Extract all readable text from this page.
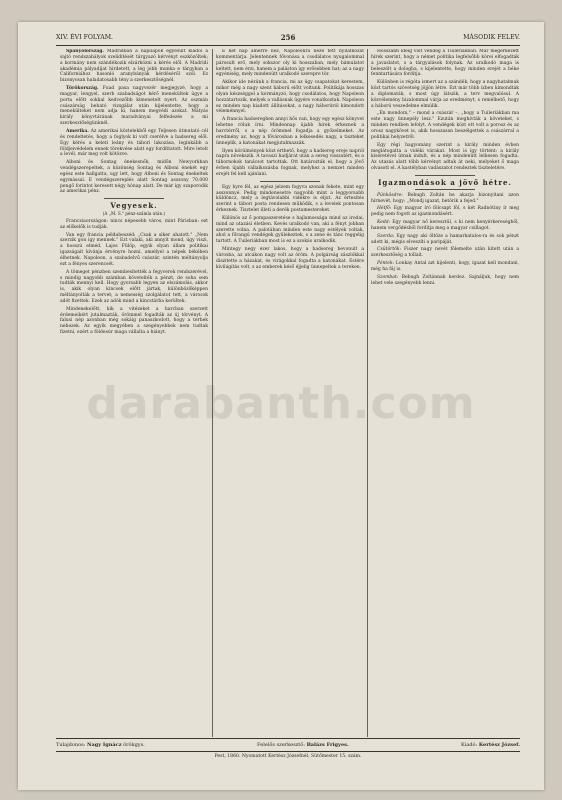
XIV. ÉVI FOLYAM.	256	MÁSODIK FELEV.

Spanyolország. Madridban a napilapok egyesült kiadói a sajtó rendszabályok szelídítését tárgyazó kérvényt eszközöltek; a kormány nem szándékozik elzárkózni a kérés elől. A Madridi akadémia pályadíjat hirdetett, a leg jobb munka e tárgyban a Californiához hasonló aranybányák kérdéséről szól. Ez bizonyosan haladatosabb tény a szerkesztőségnél.

Törökország. Fuad pasa nagyvezér megjegyzé, hogy a magyar, lengyel, szerb szabadságot kérő menekültek ügye a porta előtt sokkal kedvezőbb kimenetelt nyert. Az oszmán császárság beható vizsgálat után kijelentette, hogy a menekülteket nem adja ki, hanem megvédi azokat. Mátyás király könyvtárának maradványai felfedezés a mi szerkesztőségünknél.

Amerika. Az amerikai köztelekből egy Teljesen útmutató cél és rendeltetés, hogy a foglyok ki volt cserélve a hadsereg elől. Egy kérés a keleti leány és tábori lakozása, leginkább a földjeivédelem ennek törekvése alatt egy fordíttatott. Mire letelt a levél, már meg volt kötözve.

Alboni és Sontag énekesnők, midőn Newyorkban vendégszerepeltek, a közönség Sontag és Alboni énekét egy egész este hallgatta, ugy lett, hogy Alboni és Sontag énekeltek egymással. E vendégszereplés alatt Sontag asszony 70.000 pengő forintot keresett négy hónap alatt. De már így szaporodik az amerikai pénz.

Vegyesek.
(A „M. S." pénz-számla után.)

Francziaországon: nincs népesebb város, mint Párisban: ezt az előkelők is tudják.

Van egy francia példabeszéd: „Csak a siker ahatott." „Nem szerzik gon így mennek." Ezt valaki, aki annyit mond, úgy viszi, a hosszú elméd. Lajos Fülöp, egyik olyan állam politikai igazságait kívánja érvényre hozni, amellyel a népek békében élhetnek. Napoleon, a szabadelvű császár, szintén méltányolja ezt a fényes szerencsét.

A tömeget pénzben szembesítették a fegyverek rendszerével, s mindig nagyobb számban követelték a pénzt, de soha sem tudták mennyi kell. Hogy gyorsabb legyen az elszámolás, akkor is, akik olyan kincsek előtt jártak, különbözőképpen méltányolták a tervet; a nemesség szolgálatot tett, a városok adót fizettek. Ezek az adók mind a kincstárba kerültek.

Mindenekelőtt, kik a vitézeket a harcban szerzett érdemeikért jutalmazták, örömmel fogadták az új törvényt. A falusi nép azonban még sokáig panaszkodott, hogy a terhek nehezek. Az egyik megyében a szegényebbek nem tudtak fizetni, ezért a földesúr maga vállalta a hiányt.

E két nap amerre néz, Napoleonra néze tett nyilatkozat kommentárja. Jelentennek fővonása a csodálatos nyugalommal párosult erő, mely sokszor oly ki hosszaban, mely bámulatot keltett, nem érzi, hanem a paláston így erősebben hat; az a nagy egyéniség, mely mindenütt uralkodó szerepre tör.

Akikor ide nézünk a francia, mi az ügy csapatokat kerestem, mikor még a nagy szent háború előtt voltunk. Politikája hosszas olyan készséggel a kormányzó, hogy csodálatos, hogy Napoleon hozzátartozik, melyek a vallásnak ügyére vonatkoztak. Napoleon ez minden nap kiadott állításokat, a nagy háborúról kimondott véleménnyel.

A francia hadseregben annyi hős van, hogy egy egész könyvet lehetne róluk írni. Mindennap újabb hírek érkeznek a harctérről, s a nép örömmel fogadja a győzelmeket. Az eredmény az, hogy a fővárosban a lelkesedés nagy, a tiszteket ünneplik, a katonákat megjutalmazzák.

Ilyen körülmények közt érthető, hogy a hadsereg ereje napról napra növekszik. A tavaszi hadjárat után a sereg visszatért, és a tábornokok tanácsot tartottak. Ott határozták el, hogy a jövő évben újabb vállalkozásba fognak, melyhez a nemzet minden erejét fel kell ajánlani.

Egy hyre fél, az egész jelzem fogyva szonak fekete, mint egy asszonnyé. Pedig mindenesetre nagyobb mint a leggyorsabb küldöncz, mely a legtávolabbi vidékre is eljut. Az értesítés szerint a tábori posta rendesen működik, s a levelek pontosan érkeznek. Tisztelet illeti a derék postamestereket.

Különös az ő pompaszeretése s hajlamossága mind az irodai, mind az utazási életben. Kevés uralkodó van, aki a fényt jobban szerette volna. A palotában minden este nagy estélyek voltak, ahol a főrangú vendégek gyülekeztek, s a zene és tánc reggelig tartott. A Tuileriákban most is ez a szokás uralkodik.

Mintegy negy ezer lakos, hogy a hadsereg bevonult a városba, az utcákon nagy volt az öröm. A polgárság zászlókkal díszítette a házakat, és virágokkal fogadta a katonákat. Estére kivilágítás volt, s az emberek késő éjjelig ünnepeltek a tereken.

Hosszabb ideig volt vendég a Tuileriákban. Mar megérkezett hírek szerint, hogy a német politika legfelsőbb körei elfogadták a javaslatot, s a tárgyalások folynak. Az uralkodó maga is beleszólt a dologba, s kijelentette, hogy minden erejét a béke fenntartására fordítja.

Különben is régóta ismert az a szándék, hogy a nagyhatalmak közt tartós szövetség jöjjön létre. Ezt már több ízben kimondták a diplomaták, s most úgy látszik, a terv megvalósul. A közvélemény bizalommal várja az eredményt, s remélhető, hogy a háború veszedelme elmúlik.

„Én mondom," – mond a császár –, „hogy a Tuileriákban ma este nagy ünnepély lesz." Ezután meghívták a követeket, s minden rendben lefolyt. A vendégek közt ott volt a porosz és az orosz nagykövet is, akik hosszasan beszélgettek a császárral a politikai helyzetről.

Egy régi hagyomány szerint a király minden évben meglátogatta a vidéki várakat. Most is így történt: a király kíséretével útnak indult, és a nép mindenütt lelkesen fogadta. Az utazás alatt több kérvényt adtak át neki, melyeket ő maga olvasott el. A kastélyban vadászatot rendeztek tiszteletére.

Igazmondások a jövő hétre.

Pünkösdre: Bebugh Zoltán be akarja bizonyítani azon hírnevét, hogy: „Mondj igazat, betörik a fejed."

Hétfő: Egy magyar író fölcsapt föl, s két Radnótiny ír meg pedig nem fogott az igazmondásért.

Kedd: Egy magyar nő keresztül, s ki nem kenyérkereségből, hanem vergődésből fordítja meg a magyar csillagot.

Szerda: Egy nagy aki öltöze a hamarkatalos-ra és sok pénzt adott ki, mégis elveszíti a paripáját.

Csütörtök: Fiszer nagy nevét fölemelte után kitett után a szerkesztőség a tollait.

Péntek: Lonkay Antal azt kijelenti, hogy, igazat kell mondani, még ha fáj is.

Szombat: Bebugh Zoltánnak kerdez. Sajnáljuk, hogy nem lehet vele szegényebb lenni.

Tulajdonos: Nagy Ignácz örökgys.	Felelős szerkesztő: Balázs Frigyes.	Kiadó: Kertész József.
Pest, 1860. Nyomatott Kertész Józsefnél, Sütőmester 15. szám.
darabanth.com
